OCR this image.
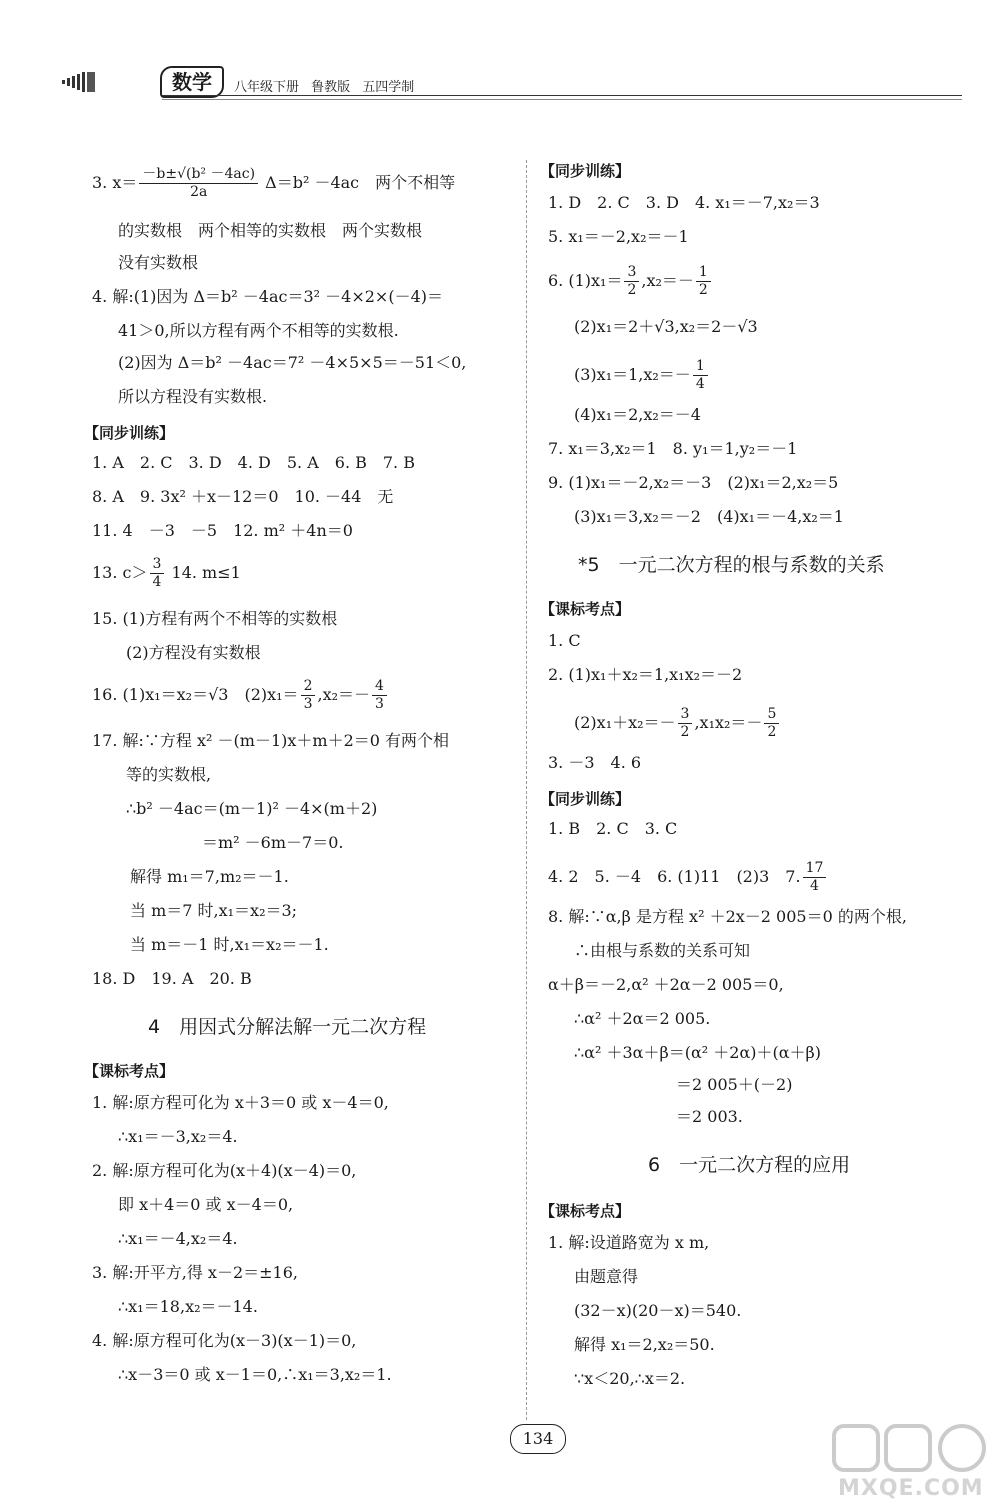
数学	八年级下册 鲁教版 五四学制
3. $x= \frac{\text{－b±√(b² －4ac)}}{2a} \Delta=b^2 -4ac$　两个不相等
的实数根　两个相等的实数根　两个实数根
没有实数根
4. 解:(1)因为 Δ＝b² －4ac＝3² －4×2×(－4)＝
41＞0,所以方程有两个不相等的实数根.
(2)因为 Δ＝b² －4ac＝7² －4×5×5＝－51＜0,
所以方程没有实数根.
【同步训练】
1. A　2. C　3. D　4. D　5. A　6. B　7. B
8. A　9. 3x² ＋x－12＝0　10. －44　无
11. 4　－3　－5　12. m² ＋4n＝0
13. $c> \frac{3}{4} 14$. m≤1
15. (1)方程有两个不相等的实数根
(2)方程没有实数根
16. (1)x₁＝x₂＝√3　$(2)x_1= \frac{2}{3} ,x_2=- \frac{4}{3}$
17. 解:∵方程 x² －(m－1)x＋m＋2＝0 有两个相
等的实数根,
∴b² －4ac＝(m－1)² －4×(m＋2)
＝m² －6m－7＝0.
解得 m₁＝7,m₂＝－1.
当 m＝7 时,x₁＝x₂＝3;
当 m＝－1 时,x₁＝x₂＝－1.
18. D　19. A　20. B
4　用因式分解法解一元二次方程
【课标考点】
1. 解:原方程可化为 x＋3＝0 或 x－4＝0,
∴x₁＝－3,x₂＝4.
2. 解:原方程可化为(x＋4)(x－4)＝0,
即 x＋4＝0 或 x－4＝0,
∴x₁＝－4,x₂＝4.
3. 解:开平方,得 x－2＝±16,
∴x₁＝18,x₂＝－14.
4. 解:原方程可化为(x－3)(x－1)＝0,
∴x－3＝0 或 x－1＝0,∴x₁＝3,x₂＝1.
【同步训练】
1. D　2. C　3. D　4. x₁＝－7,x₂＝3
5. x₁＝－2,x₂＝－1
6. $(1)x_1= \frac{3}{2} ,x_2=- \frac{1}{2}$
(2)x₁＝2＋√3,x₂＝2－√3
$(3)x_1=1,x_2=- \frac{1}{4}$
(4)x₁＝2,x₂＝－4
7. x₁＝3,x₂＝1　8. y₁＝1,y₂＝－1
9. (1)x₁＝－2,x₂＝－3　(2)x₁＝2,x₂＝5
(3)x₁＝3,x₂＝－2　(4)x₁＝－4,x₂＝1
*5　一元二次方程的根与系数的关系
【课标考点】
1. C
2. (1)x₁＋x₂＝1,x₁x₂＝－2
$(2)x_1+x_2=- \frac{3}{2} ,x_1x_2=- \frac{5}{2}$
3. －3　4. 6
【同步训练】
1. B　2. C　3. C
4. 2　5. －4　6. (1)11　(2)3　7. $\frac{17}{4}$
8. 解:∵α,β 是方程 x² ＋2x－2 005＝0 的两个根,
∴由根与系数的关系可知
α＋β＝－2,α² ＋2α－2 005＝0,
∴α² ＋2α＝2 005.
∴α² ＋3α＋β＝(α² ＋2α)＋(α＋β)
＝2 005＋(－2)
＝2 003.
6　一元二次方程的应用
【课标考点】
1. 解:设道路宽为 x m,
由题意得
(32－x)(20－x)＝540.
解得 x₁＝2,x₂＝50.
∵x＜20,∴x＝2.
134
MXQE.COM
